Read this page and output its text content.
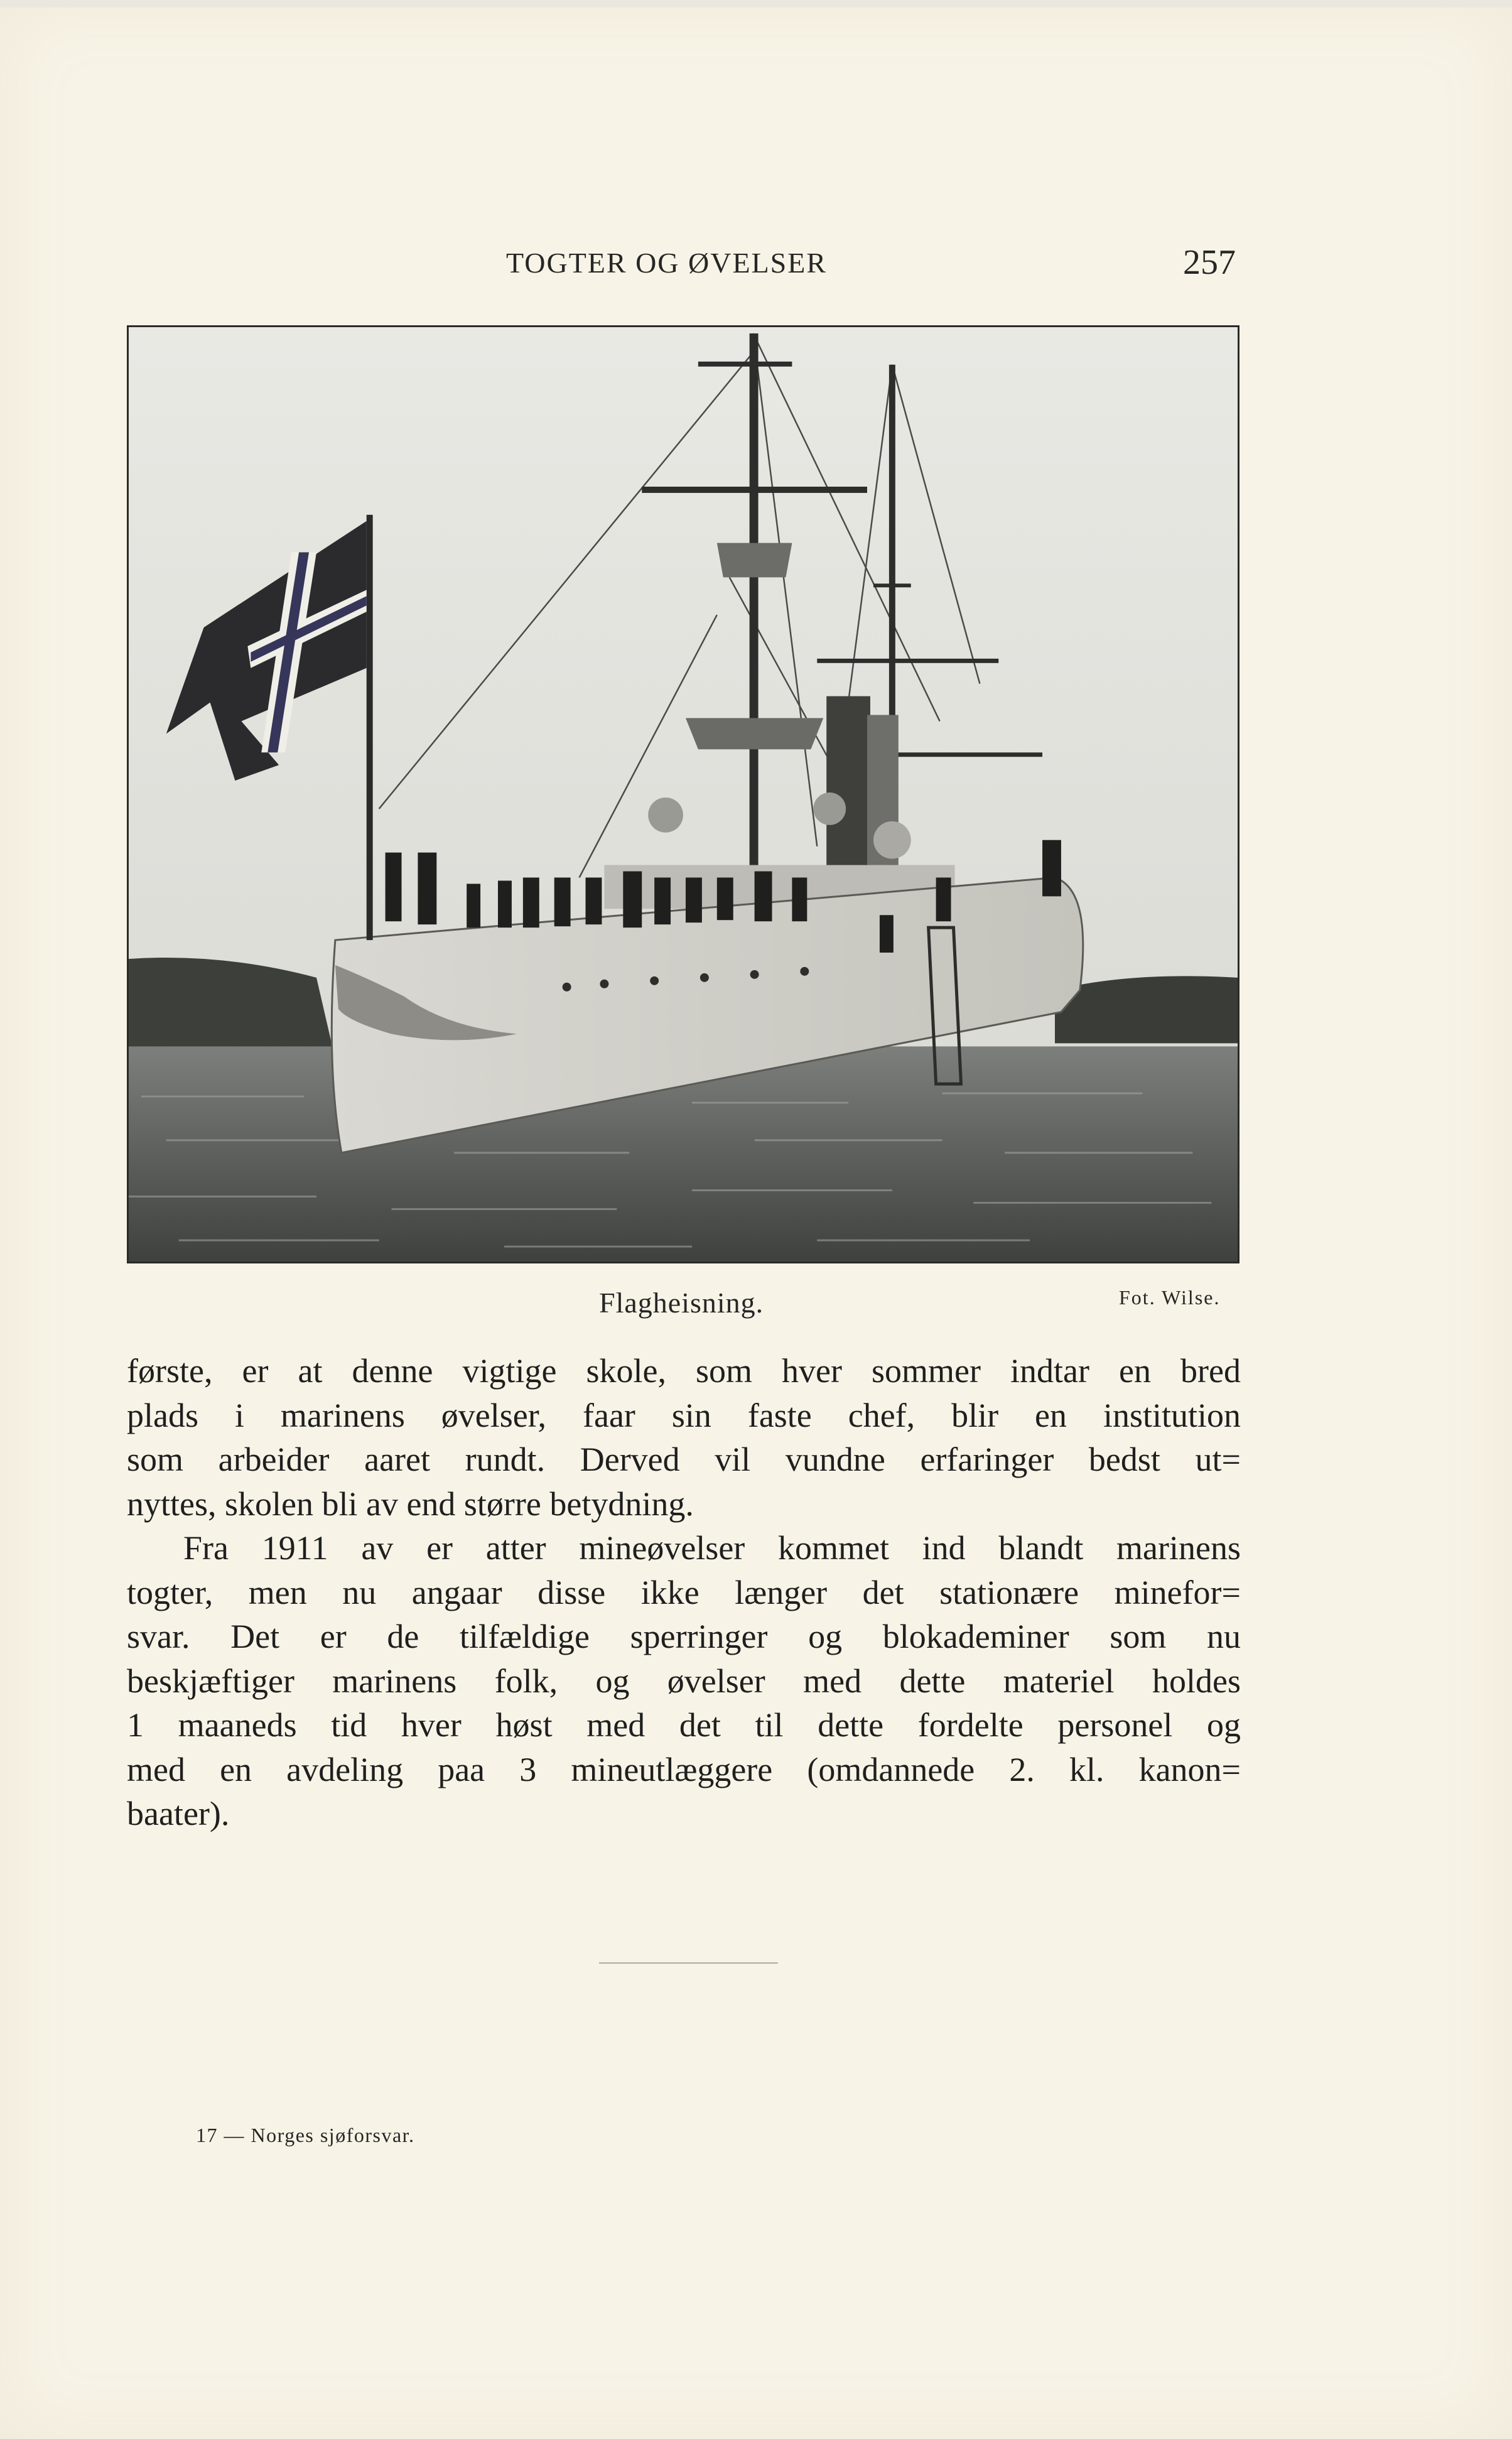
TOGTER OG ØVELSER	257
Flagheisning.	Fot. Wilse.
første, er at denne vigtige skole, som hver sommer indtar en bred
plads i marinens øvelser, faar sin faste chef, blir en institution
som arbeider aaret rundt. Derved vil vundne erfaringer bedst ut=
nyttes, skolen bli av end større betydning.
Fra 1911 av er atter mineøvelser kommet ind blandt marinens
togter, men nu angaar disse ikke længer det stationære minefor=
svar. Det er de tilfældige sperringer og blokademiner som nu
beskjæftiger marinens folk, og øvelser med dette materiel holdes
1 maaneds tid hver høst med det til dette fordelte personel og
med en avdeling paa 3 mineutlæggere (omdannede 2. kl. kanon=
baater).
17 — Norges sjøforsvar.
